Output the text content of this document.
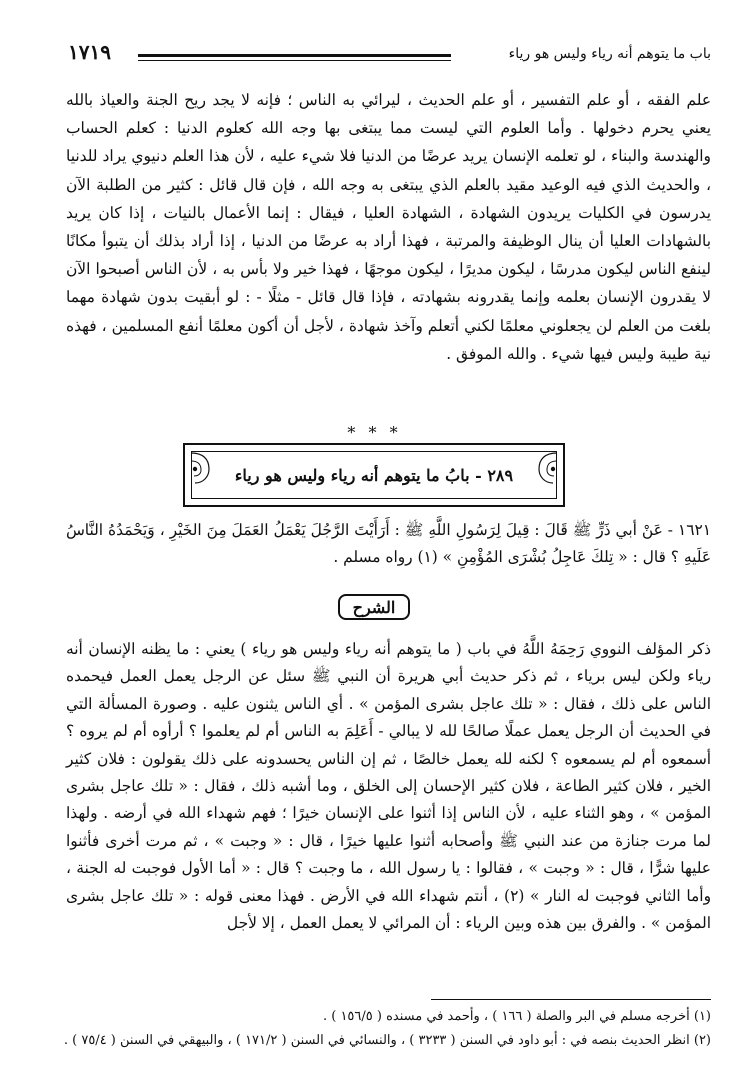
باب ما يتوهم أنه رياء وليس هو رياء
١٧١٩

علم الفقه ، أو علم التفسير ، أو علم الحديث ، ليرائي به الناس ؛ فإنه لا يجد ريح الجنة والعياذ بالله يعني يحرم دخولها . وأما العلوم التي ليست مما يبتغى بها وجه الله كعلوم الدنيا : كعلم الحساب والهندسة والبناء ، لو تعلمه الإنسان يريد عرضًا من الدنيا فلا شيء عليه ، لأن هذا العلم دنيوي يراد للدنيا ، والحديث الذي فيه الوعيد مقيد بالعلم الذي يبتغى به وجه الله ، فإن قال قائل : كثير من الطلبة الآن يدرسون في الكليات يريدون الشهادة ، الشهادة العليا ، فيقال : إنما الأعمال بالنيات ، إذا كان يريد بالشهادات العليا أن ينال الوظيفة والمرتبة ، فهذا أراد به عرضًا من الدنيا ، إذا أراد بذلك أن يتبوأ مكانًا لينفع الناس ليكون مدرسًا ، ليكون مديرًا ، ليكون موجهًا ، فهذا خير ولا بأس به ، لأن الناس أصبحوا الآن لا يقدرون الإنسان بعلمه وإنما يقدرونه بشهادته ، فإذا قال قائل - مثلًا - : لو أبقيت بدون شهادة مهما بلغت من العلم لن يجعلوني معلمًا لكني أتعلم وآخذ شهادة ، لأجل أن أكون معلمًا أنفع المسلمين ، فهذه نية طيبة وليس فيها شيء . والله الموفق .

* * *
٢٨٩ - بابُ ما يتوهم أنه رياء وليس هو رياء

١٦٢١ - عَنْ أبي ذَرٍّ ﷺ قَالَ : قِيلَ لِرَسُولِ اللَّهِ ﷺ : أَرَأَيْتَ الرَّجُلَ يَعْمَلُ العَمَلَ مِنَ الخَيْرِ ، وَيَحْمَدُهُ النَّاسُ عَلَيهِ ؟ قال : « تِلكَ عَاجِلُ بُشْرَى المُؤْمِنِ » (١) رواه مسلم .

الشرح

ذكر المؤلف النووي رَحِمَهُ اللَّهُ في باب ( ما يتوهم أنه رياء وليس هو رياء ) يعني : ما يظنه الإنسان أنه رياء ولكن ليس برياء ، ثم ذكر حديث أبي هريرة أن النبي ﷺ سئل عن الرجل يعمل العمل فيحمده الناس على ذلك ، فقال : « تلك عاجل بشرى المؤمن » . أي الناس يثنون عليه . وصورة المسألة التي في الحديث أن الرجل يعمل عملًا صالحًا لله لا يبالي - أَعَلِمَ به الناس أم لم يعلموا ؟ أرأوه أم لم يروه ؟ أسمعوه أم لم يسمعوه ؟ لكنه لله يعمل خالصًا ، ثم إن الناس يحسدونه على ذلك يقولون : فلان كثير الخير ، فلان كثير الطاعة ، فلان كثير الإحسان إلى الخلق ، وما أشبه ذلك ، فقال : « تلك عاجل بشرى المؤمن » ، وهو الثناء عليه ، لأن الناس إذا أثنوا على الإنسان خيرًا ؛ فهم شهداء الله في أرضه . ولهذا لما مرت جنازة من عند النبي ﷺ وأصحابه أثنوا عليها خيرًا ، قال : « وجبت » ، ثم مرت أخرى فأثنوا عليها شرًّا ، قال : « وجبت » ، فقالوا : يا رسول الله ، ما وجبت ؟ قال : « أما الأول فوجبت له الجنة ، وأما الثاني فوجبت له النار » (٢) ، أنتم شهداء الله في الأرض . فهذا معنى قوله : « تلك عاجل بشرى المؤمن » . والفرق بين هذه وبين الرياء : أن المرائي لا يعمل العمل ، إلا لأجل

(١) أخرجه مسلم في البر والصلة ( ١٦٦ ) ، وأحمد في مسنده ( ١٥٦/٥ ) .

(٢) انظر الحديث بنصه في : أبو داود في السنن ( ٣٢٣٣ ) ، والنسائي في السنن ( ١٧١/٢ ) ، والبيهقي في السنن ( ٧٥/٤ ) .
